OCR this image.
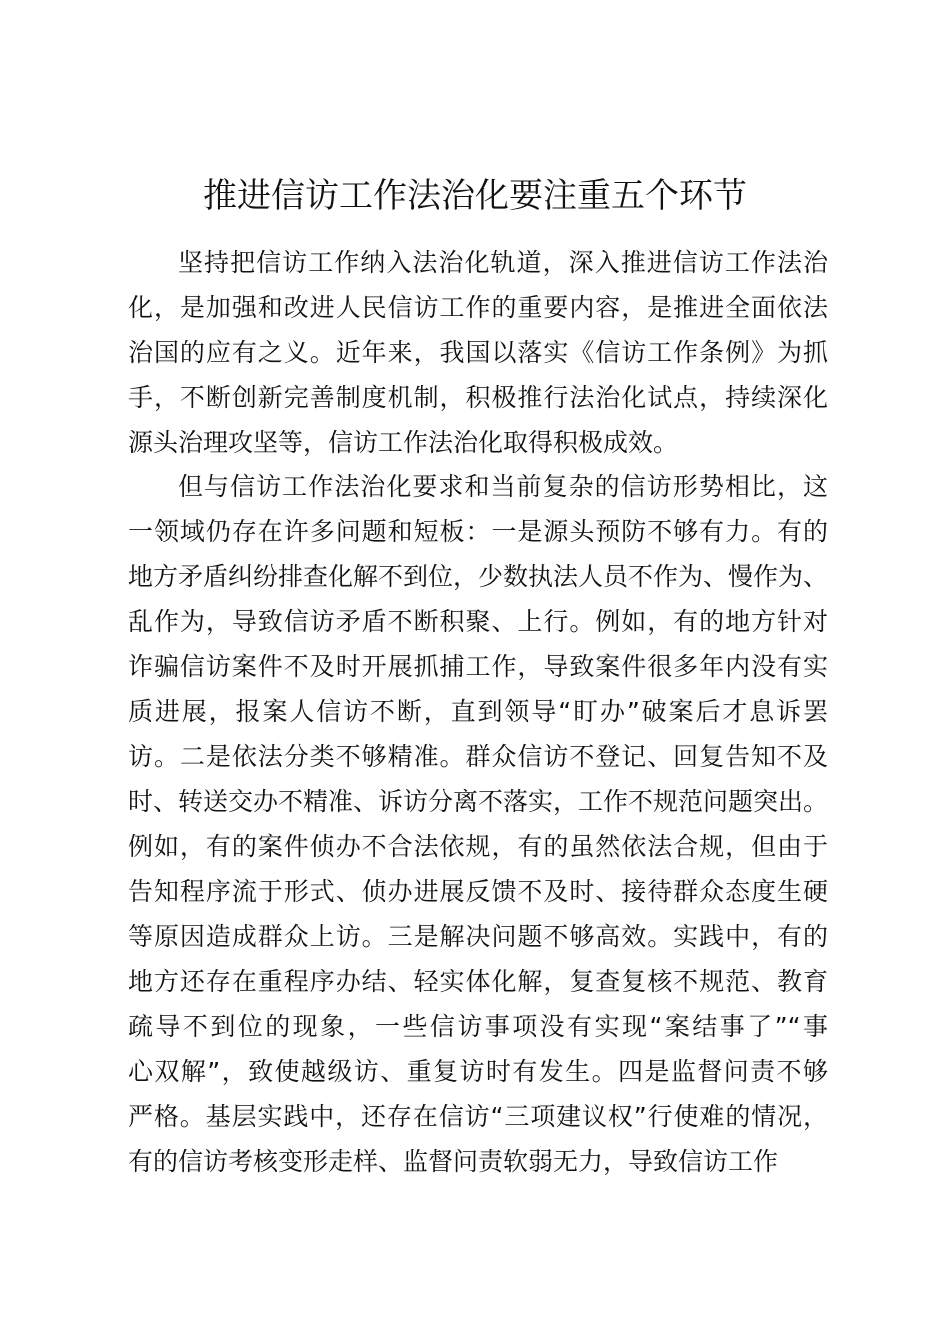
推进信访工作法治化要注重五个环节

坚持把信访工作纳入法治化轨道，深入推进信访工作法治
化，是加强和改进人民信访工作的重要内容，是推进全面依法
治国的应有之义。近年来，我国以落实《信访工作条例》为抓
手，不断创新完善制度机制，积极推行法治化试点，持续深化
源头治理攻坚等，信访工作法治化取得积极成效。

但与信访工作法治化要求和当前复杂的信访形势相比，这
一领域仍存在许多问题和短板：一是源头预防不够有力。有的
地方矛盾纠纷排查化解不到位，少数执法人员不作为、慢作为、
乱作为，导致信访矛盾不断积聚、上行。例如，有的地方针对
诈骗信访案件不及时开展抓捕工作，导致案件很多年内没有实
质进展，报案人信访不断，直到领导“盯办”破案后才息诉罢
访。二是依法分类不够精准。群众信访不登记、回复告知不及
时、转送交办不精准、诉访分离不落实，工作不规范问题突出。
例如，有的案件侦办不合法依规，有的虽然依法合规，但由于
告知程序流于形式、侦办进展反馈不及时、接待群众态度生硬
等原因造成群众上访。三是解决问题不够高效。实践中，有的
地方还存在重程序办结、轻实体化解，复查复核不规范、教育
疏导不到位的现象，一些信访事项没有实现“案结事了”“事
心双解”，致使越级访、重复访时有发生。四是监督问责不够
严格。基层实践中，还存在信访“三项建议权”行使难的情况，
有的信访考核变形走样、监督问责软弱无力，导致信访工作
